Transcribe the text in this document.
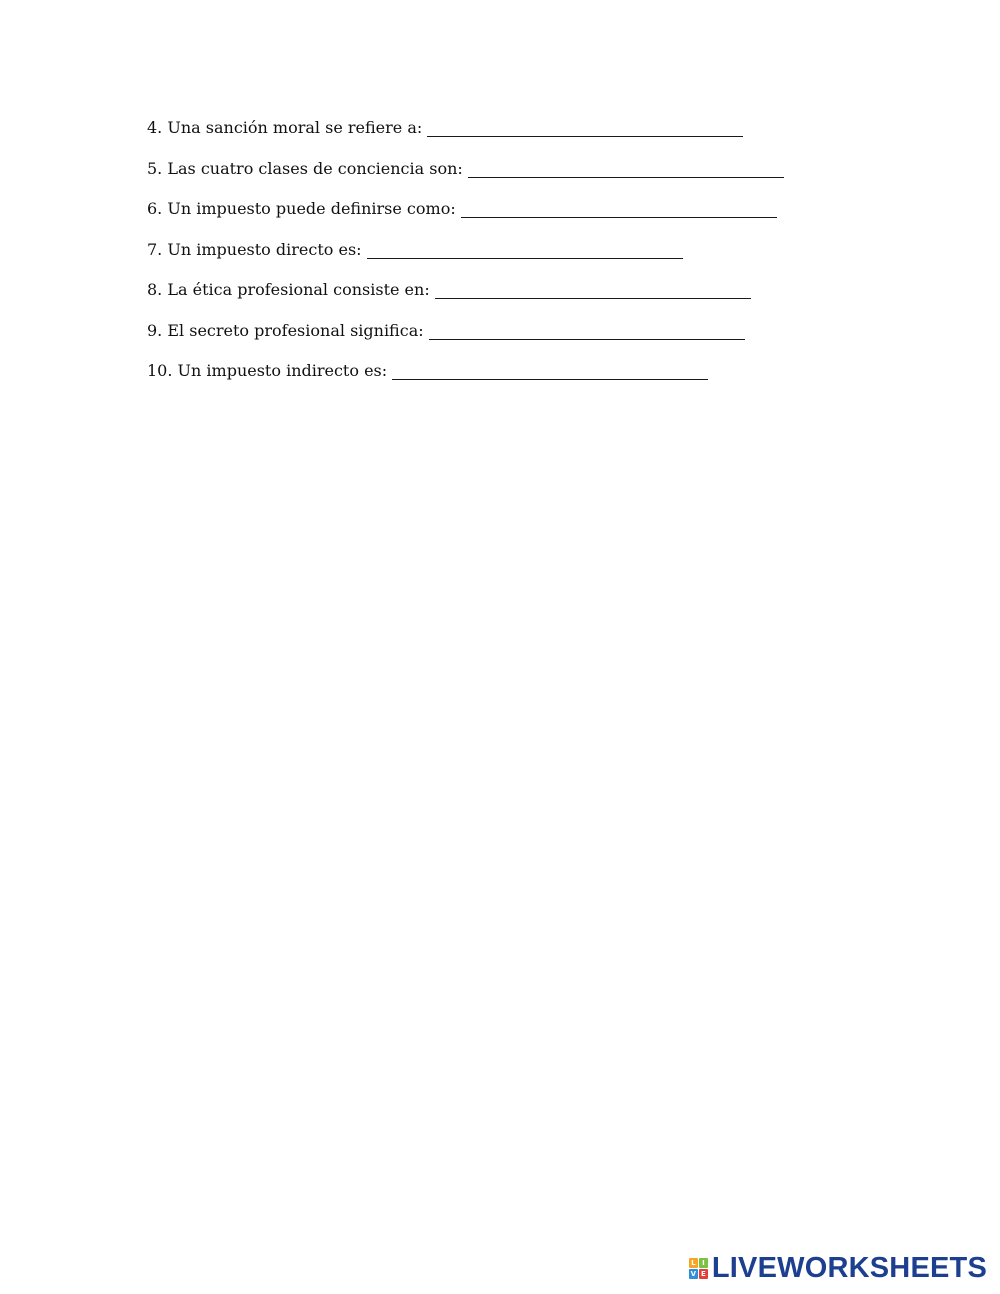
4. Una sanción moral se refiere a:
5. Las cuatro clases de conciencia son:
6. Un impuesto puede definirse como:
7. Un impuesto directo es:
8. La ética profesional consiste en:
9. El secreto profesional significa:
10. Un impuesto indirecto es:
L I
V E LIVEWORKSHEETS
